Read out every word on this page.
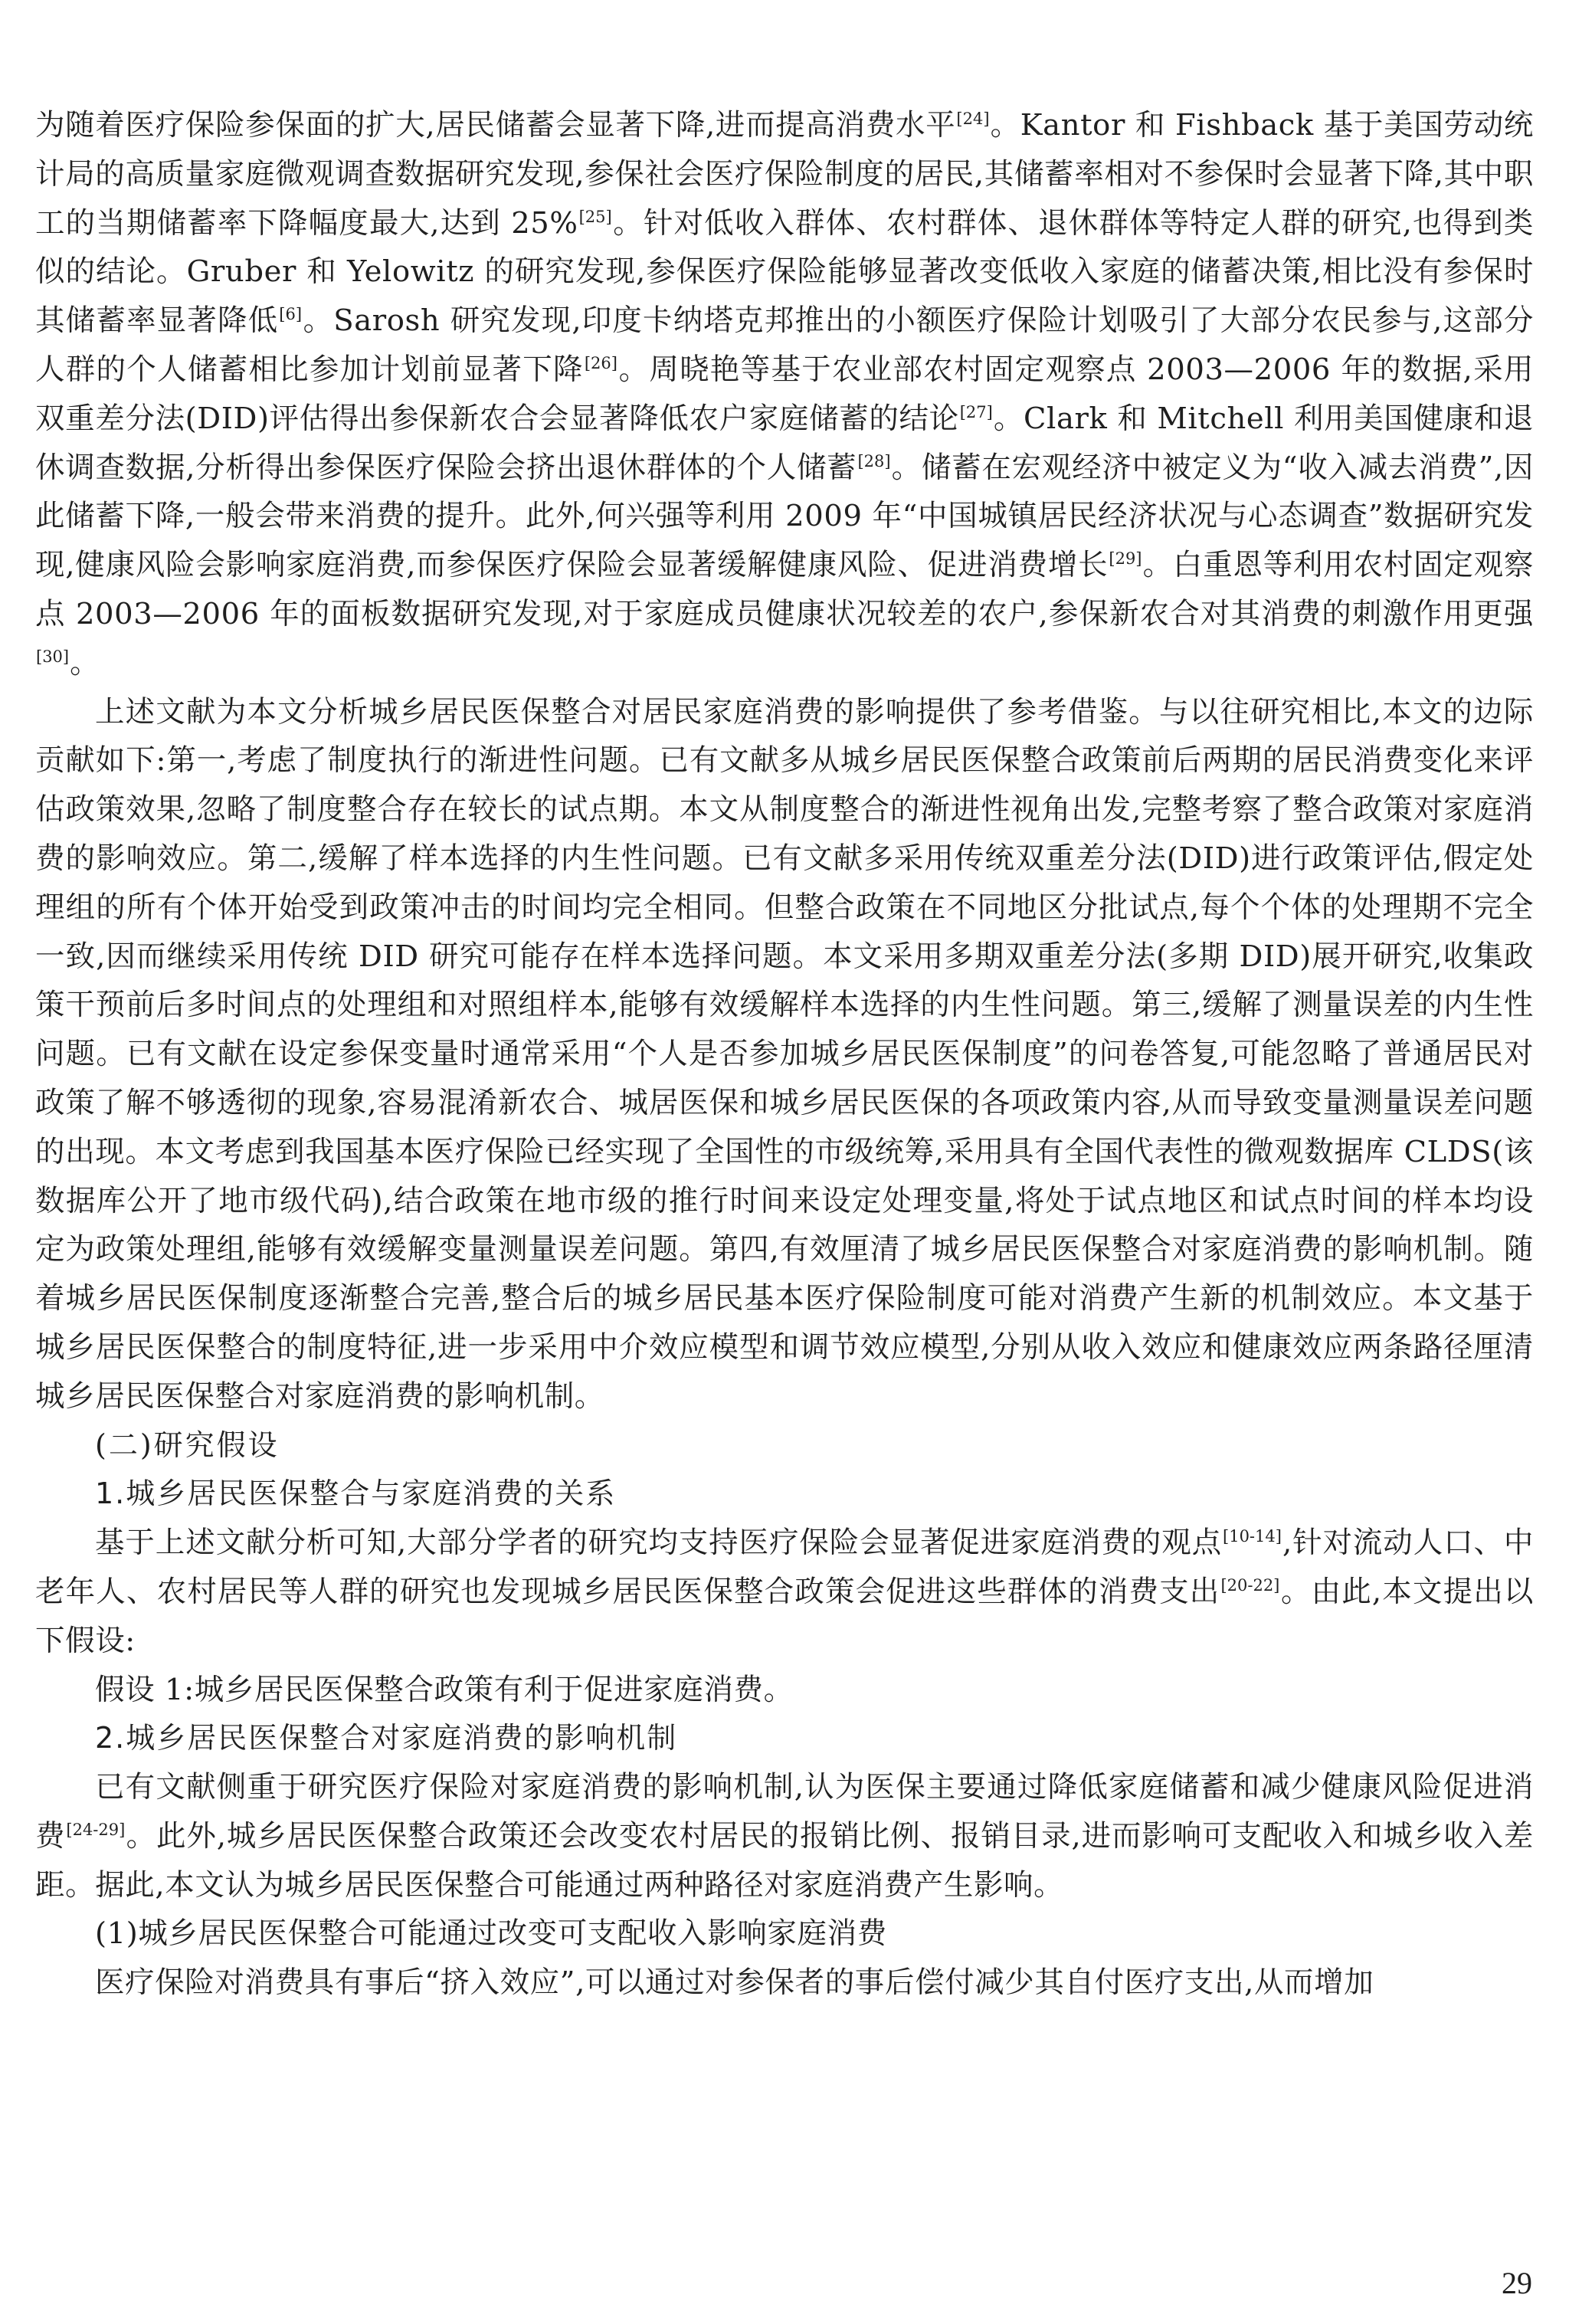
为随着医疗保险参保面的扩大,居民储蓄会显著下降,进而提高消费水平[24]。Kantor 和 Fishback 基于美国劳动统计局的高质量家庭微观调查数据研究发现,参保社会医疗保险制度的居民,其储蓄率相对不参保时会显著下降,其中职工的当期储蓄率下降幅度最大,达到 25%[25]。针对低收入群体、农村群体、退休群体等特定人群的研究,也得到类似的结论。Gruber 和 Yelowitz 的研究发现,参保医疗保险能够显著改变低收入家庭的储蓄决策,相比没有参保时其储蓄率显著降低[6]。Sarosh 研究发现,印度卡纳塔克邦推出的小额医疗保险计划吸引了大部分农民参与,这部分人群的个人储蓄相比参加计划前显著下降[26]。周晓艳等基于农业部农村固定观察点 2003—2006 年的数据,采用双重差分法(DID)评估得出参保新农合会显著降低农户家庭储蓄的结论[27]。Clark 和 Mitchell 利用美国健康和退休调查数据,分析得出参保医疗保险会挤出退休群体的个人储蓄[28]。储蓄在宏观经济中被定义为“收入减去消费”,因此储蓄下降,一般会带来消费的提升。此外,何兴强等利用 2009 年“中国城镇居民经济状况与心态调查”数据研究发现,健康风险会影响家庭消费,而参保医疗保险会显著缓解健康风险、促进消费增长[29]。白重恩等利用农村固定观察点 2003—2006 年的面板数据研究发现,对于家庭成员健康状况较差的农户,参保新农合对其消费的刺激作用更强[30]。

上述文献为本文分析城乡居民医保整合对居民家庭消费的影响提供了参考借鉴。与以往研究相比,本文的边际贡献如下:第一,考虑了制度执行的渐进性问题。已有文献多从城乡居民医保整合政策前后两期的居民消费变化来评估政策效果,忽略了制度整合存在较长的试点期。本文从制度整合的渐进性视角出发,完整考察了整合政策对家庭消费的影响效应。第二,缓解了样本选择的内生性问题。已有文献多采用传统双重差分法(DID)进行政策评估,假定处理组的所有个体开始受到政策冲击的时间均完全相同。但整合政策在不同地区分批试点,每个个体的处理期不完全一致,因而继续采用传统 DID 研究可能存在样本选择问题。本文采用多期双重差分法(多期 DID)展开研究,收集政策干预前后多时间点的处理组和对照组样本,能够有效缓解样本选择的内生性问题。第三,缓解了测量误差的内生性问题。已有文献在设定参保变量时通常采用“个人是否参加城乡居民医保制度”的问卷答复,可能忽略了普通居民对政策了解不够透彻的现象,容易混淆新农合、城居医保和城乡居民医保的各项政策内容,从而导致变量测量误差问题的出现。本文考虑到我国基本医疗保险已经实现了全国性的市级统筹,采用具有全国代表性的微观数据库 CLDS(该数据库公开了地市级代码),结合政策在地市级的推行时间来设定处理变量,将处于试点地区和试点时间的样本均设定为政策处理组,能够有效缓解变量测量误差问题。第四,有效厘清了城乡居民医保整合对家庭消费的影响机制。随着城乡居民医保制度逐渐整合完善,整合后的城乡居民基本医疗保险制度可能对消费产生新的机制效应。本文基于城乡居民医保整合的制度特征,进一步采用中介效应模型和调节效应模型,分别从收入效应和健康效应两条路径厘清城乡居民医保整合对家庭消费的影响机制。

(二)研究假设

1.城乡居民医保整合与家庭消费的关系

基于上述文献分析可知,大部分学者的研究均支持医疗保险会显著促进家庭消费的观点[10-14],针对流动人口、中老年人、农村居民等人群的研究也发现城乡居民医保整合政策会促进这些群体的消费支出[20-22]。由此,本文提出以下假设:

假设 1:城乡居民医保整合政策有利于促进家庭消费。

2.城乡居民医保整合对家庭消费的影响机制

已有文献侧重于研究医疗保险对家庭消费的影响机制,认为医保主要通过降低家庭储蓄和减少健康风险促进消费[24-29]。此外,城乡居民医保整合政策还会改变农村居民的报销比例、报销目录,进而影响可支配收入和城乡收入差距。据此,本文认为城乡居民医保整合可能通过两种路径对家庭消费产生影响。

(1)城乡居民医保整合可能通过改变可支配收入影响家庭消费

医疗保险对消费具有事后“挤入效应”,可以通过对参保者的事后偿付减少其自付医疗支出,从而增加

29
